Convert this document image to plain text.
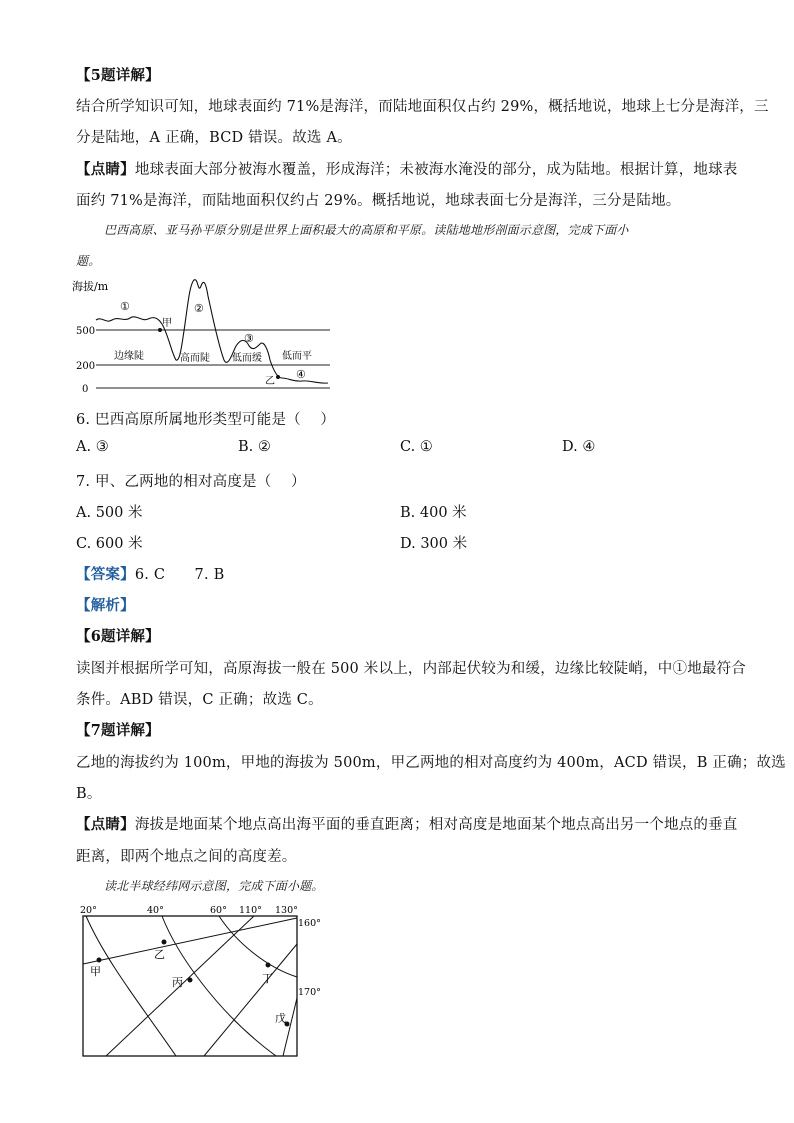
【5题详解】
结合所学知识可知，地球表面约 71%是海洋，而陆地面积仅占约 29%，概括地说，地球上七分是海洋，三
分是陆地，A 正确，BCD 错误。故选 A。
【点睛】地球表面大部分被海水覆盖，形成海洋；未被海水淹没的部分，成为陆地。根据计算，地球表
面约 71%是海洋，而陆地面积仅约占 29%。概括地说，地球表面七分是海洋，三分是陆地。
巴西高原、亚马孙平原分别是世界上面积最大的高原和平原。读陆地地形剖面示意图，完成下面小
题。
海拔/m
500
200
0
①	②
③
④
甲
乙
边缘陡	高而陡 低而缓 低而平
6. 巴西高原所属地形类型可能是（　 ）
A. ③	B. ②	C. ①	D. ④
7. 甲、乙两地的相对高度是（　 ）
A. 500 米	B. 400 米
C. 600 米	D. 300 米
【答案】6. C　　7. B
【解析】
【6题详解】
读图并根据所学可知，高原海拔一般在 500 米以上，内部起伏较为和缓，边缘比较陡峭，中①地最符合
条件。ABD 错误，C 正确；故选 C。
【7题详解】
乙地的海拔约为 100m，甲地的海拔为 500m，甲乙两地的相对高度约为 400m，ACD 错误，B 正确；故选
B。
【点睛】海拔是地面某个地点高出海平面的垂直距离；相对高度是地面某个地点高出另一个地点的垂直
距离，即两个地点之间的高度差。
读北半球经纬网示意图，完成下面小题。
20°	40°	60° 110° 130°
160°
170°
甲
乙
丙	丁
戊
